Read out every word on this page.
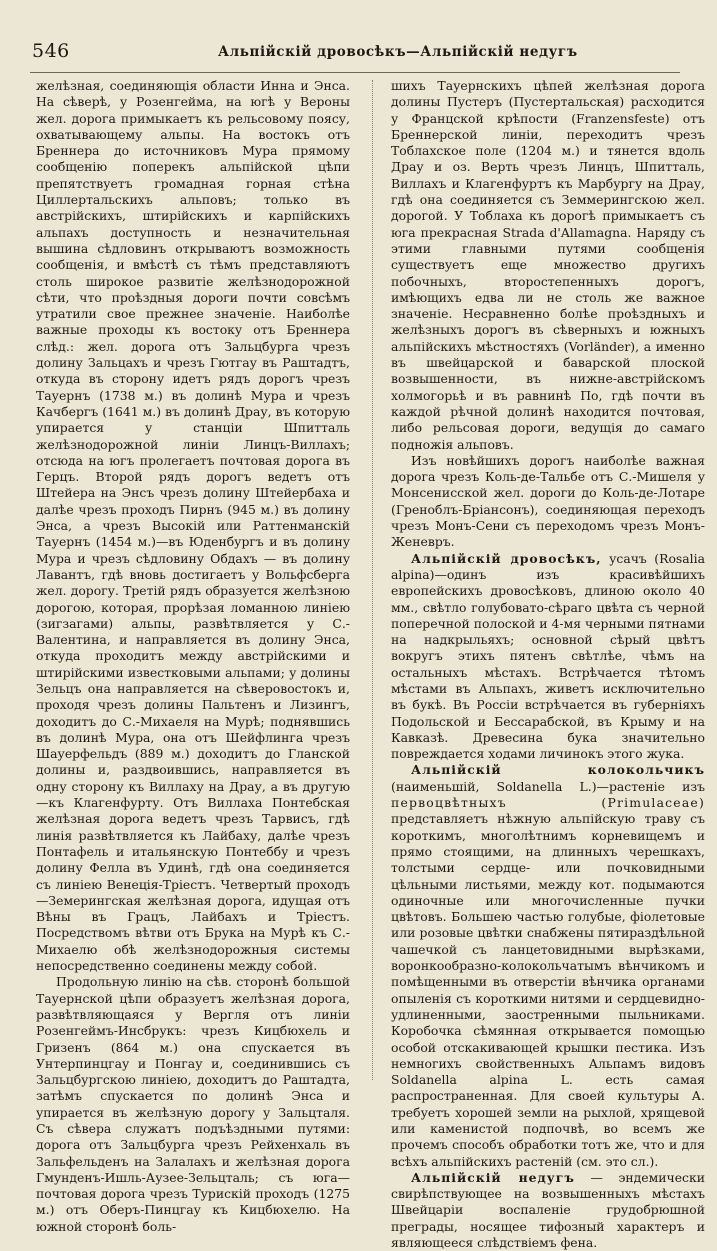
546	Альпійскій дровосѣкъ—Альпійскій недугъ

желѣзная, соединяющія области Инна и Энса. На сѣверѣ, у Розенгейма, на югѣ у Вероны жел. дорога примыкаетъ къ рельсовому поясу, охватывающему альпы. На востокъ отъ Бреннера до источниковъ Мура прямому сообщенію поперекъ альпійской цѣпи препятствуетъ громадная горная стѣна Циллертальскихъ альповъ; только въ австрійскихъ, штирійскихъ и карпійскихъ альпахъ доступность и незначительная вышина сѣдловинъ открываютъ возможность сообщенія, и вмѣстѣ съ тѣмъ представляютъ столь широкое развитіе желѣзнодорожной сѣти, что проѣздныя дороги почти совсѣмъ утратили свое прежнее значеніе. Наиболѣе важные проходы къ востоку отъ Бреннера слѣд.: жел. дорога отъ Зальцбурга чрезъ долину Зальцахъ и чрезъ Гютгау въ Раштадтъ, откуда въ сторону идетъ рядъ дорогъ чрезъ Тауернъ (1738 м.) въ долинѣ Мура и чрезъ Качбергъ (1641 м.) въ долинѣ Драу, въ которую упирается у станціи Шпитталь желѣзнодорожной линіи Линцъ-Виллахъ; отсюда на югъ пролегаетъ почтовая дорога въ Герцъ. Второй рядъ дорогъ ведетъ отъ Штейера на Энсъ чрезъ долину Штейербаха и далѣе чрезъ проходъ Пирнъ (945 м.) въ долину Энса, а чрезъ Высокій или Раттенманскій Тауернъ (1454 м.)—въ Юденбургъ и въ долину Мура и чрезъ сѣдловину Обдахъ — въ долину Лавантъ, гдѣ вновь достигаетъ у Вольфсберга жел. дорогу. Третій рядъ образуется желѣзною дорогою, которая, прорѣзая ломанною линіею (зигзагами) альпы, развѣтвляется у С.-Валентина, и направляется въ долину Энса, откуда проходитъ между австрійскими и штирійскими известковыми альпами; у долины Зельцъ она направляется на сѣверовостокъ и, проходя чрезъ долины Пальтенъ и Лизингъ, доходитъ до С.-Михаеля на Мурѣ; поднявшись въ долинѣ Мура, она отъ Шейфлинга чрезъ Шауерфельдъ (889 м.) доходитъ до Гланской долины и, раздвоившись, направляется въ одну сторону къ Виллаху на Драу, а въ другую—къ Клагенфурту. Отъ Виллаха Понтебская желѣзная дорога ведетъ чрезъ Тарвисъ, гдѣ линія развѣтвляется къ Лайбаху, далѣе чрезъ Понтафель и итальянскую Понтеббу и чрезъ долину Фелла въ Удинѣ, гдѣ она соединяется съ линіею Венеція-Тріестъ. Четвертый проходъ—Земерингская желѣзная дорога, идущая отъ Вѣны въ Грацъ, Лайбахъ и Тріестъ. Посредствомъ вѣтви отъ Брука на Мурѣ къ С.-Михаелю обѣ желѣзнодорожныя системы непосредственно соединены между собой.

Продольную линію на сѣв. сторонѣ большой Тауернской цѣпи образуетъ желѣзная дорога, развѣтвляющаяся у Вергля отъ линіи Розенгеймъ-Инсбрукъ: чрезъ Кицбюхель и Гризенъ (864 м.) она спускается въ Унтерпинцгау и Понгау и, соединившись съ Зальцбургскою линіею, доходитъ до Раштадта, затѣмъ спускается по долинѣ Энса и упирается въ желѣзную дорогу у Зальцталя. Съ сѣвера служатъ подъѣздными путями: дорога отъ Зальцбурга чрезъ Рейхенхаль въ Зальфельденъ на Залалахъ и желѣзная дорога Гмунденъ-Ишль-Аузее-Зельцталь; съ юга—почтовая дорога чрезъ Турискій проходъ (1275 м.) отъ Оберъ-Пинцгау къ Кицбюхелю. На южной сторонѣ боль-

шихъ Тауернскихъ цѣпей желѣзная дорога долины Пустеръ (Пустертальская) расходится у Францской крѣпости (Franzensfeste) отъ Бреннерской линіи, переходитъ чрезъ Тоблахское поле (1204 м.) и тянется вдоль Драу и оз. Верть чрезъ Линцъ, Шпитталь, Виллахъ и Клагенфуртъ къ Марбургу на Драу, гдѣ она соединяется съ Земмерингскою жел. дорогой. У Тоблаха къ дорогѣ примыкаетъ съ юга прекрасная Strada d'Allamagna. Наряду съ этими главными путями сообщенія существуетъ еще множество другихъ побочныхъ, второстепенныхъ дорогъ, имѣющихъ едва ли не столь же важное значеніе. Несравненно болѣе проѣздныхъ и желѣзныхъ дорогъ въ сѣверныхъ и южныхъ альпійскихъ мѣстностяхъ (Vorländer), а именно въ швейцарской и баварской плоской возвышенности, въ нижне-австрійскомъ холмогорьѣ и въ равнинѣ По, гдѣ почти въ каждой рѣчной долинѣ находится почтовая, либо рельсовая дороги, ведущія до самаго подножія альповъ.

Изъ новѣйшихъ дорогъ наиболѣе важная дорога чрезъ Коль-де-Тальбе отъ С.-Мишеля у Монсенисской жел. дороги до Коль-де-Лотаре (Греноблъ-Бріансонъ), соединяющая переходъ чрезъ Монъ-Сени съ переходомъ чрезъ Монъ-Женевръ.

Альпійскій дровосѣкъ, усачъ (Rosalia alpina)—одинъ изъ красивѣйшихъ европейскихъ дровосѣковъ, длиною около 40 мм., свѣтло голубовато-сѣраго цвѣта съ черной поперечной полоской и 4-мя черными пятнами на надкрыльяхъ; основной сѣрый цвѣтъ вокругъ этихъ пятенъ свѣтлѣе, чѣмъ на остальныхъ мѣстахъ. Встрѣчается тѣтомъ мѣстами въ Альпахъ, живетъ исключительно въ букѣ. Въ Россіи встрѣчается въ губерніяхъ Подольской и Бессарабской, въ Крыму и на Кавказѣ. Древесина бука значительно повреждается ходами личинокъ этого жука.

Альпійскій колокольчикъ (наименьшій, Soldanella L.)—растеніе изъ первоцвѣтныхъ (Primulaceae) представляетъ нѣжную альпійскую траву съ короткимъ, многолѣтнимъ корневищемъ и прямо стоящими, на длинныхъ черешкахъ, толстыми сердце- или почковидными цѣльными листьями, между кот. подымаются одиночные или многочисленные пучки цвѣтовъ. Большею частью голубые, фіолетовые или розовые цвѣтки снабжены пятираздѣльной чашечкой съ ланцетовидными вырѣзками, воронкообразно-колокольчатымъ вѣнчикомъ и помѣщенными въ отверстіи вѣнчика органами опыленія съ короткими нитями и сердцевидно-удлиненными, заостренными пыльниками. Коробочка сѣмянная открывается помощью особой отскакивающей крышки пестика. Изъ немногихъ свойственныхъ Альпамъ видовъ Soldanella alpina L. есть самая распространенная. Для своей культуры А. требуетъ хорошей земли на рыхлой, хрящевой или каменистой подпочвѣ, во всемъ же прочемъ способъ обработки тотъ же, что и для всѣхъ альпійскихъ растеній (см. это сл.).

Альпійскій недугъ — эндемически свирѣпствующее на возвышенныхъ мѣстахъ Швейцаріи воспаленіе грудобрюшной преграды, носящее тифозный характеръ и являющееся слѣдствіемъ фена.
